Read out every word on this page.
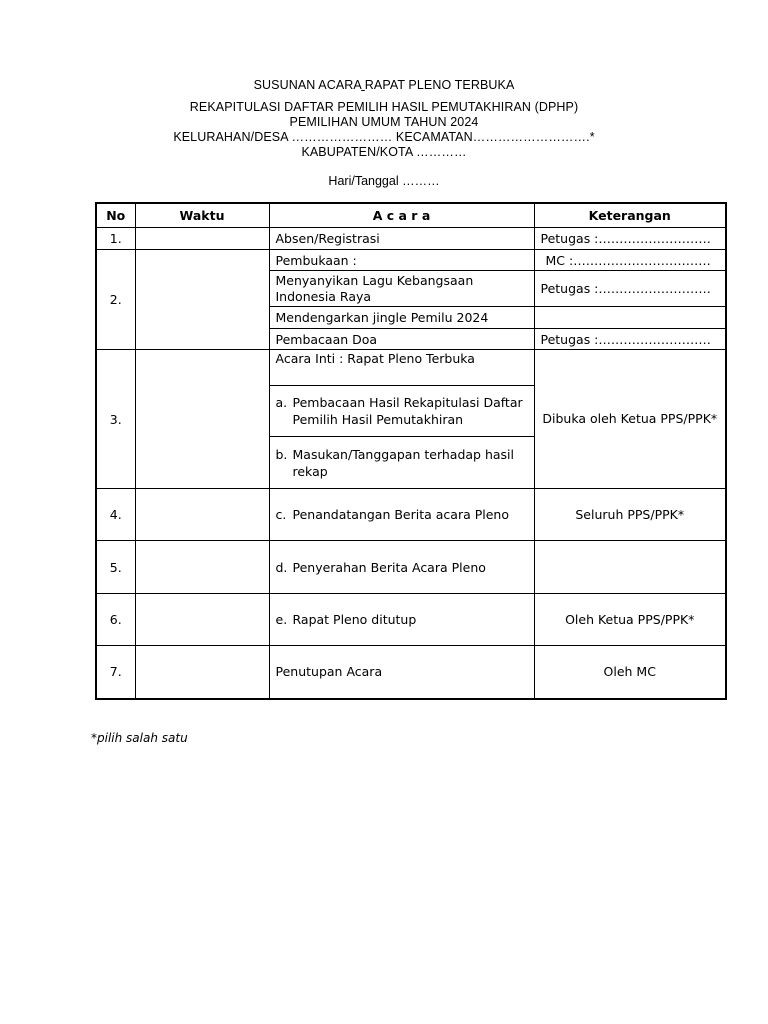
SUSUNAN ACARA RAPAT PLENO TERBUKA
REKAPITULASI DAFTAR PEMILIH HASIL PEMUTAKHIRAN (DPHP)
PEMILIHAN UMUM TAHUN 2024
KELURAHAN/DESA …………………… KECAMATAN……………………….*
KABUPATEN/KOTA …………
Hari/Tanggal ………
No	Waktu	A c a r a	Keterangan
1.		Absen/Registrasi	Petugas :………………………
2.		Pembukaan :	MC :……………………………
		Menyanyikan Lagu Kebangsaan Indonesia Raya	Petugas :………………………
		Mendengarkan jingle Pemilu 2024	
		Pembacaan Doa	Petugas :………………………
3.		Acara Inti : Rapat Pleno Terbuka	Dibuka oleh Ketua PPS/PPK*

		a. Pembacaan Hasil Rekapitulasi Daftar Pemilih Hasil Pemutakhiran	

		b. Masukan/Tanggapan terhadap hasil rekap	

4.		c. Penandatangan Berita acara Pleno	Seluruh PPS/PPK*
5.		d. Penyerahan Berita Acara Pleno	

6.		e. Rapat Pleno ditutup	Oleh Ketua PPS/PPK*
7.		Penutupan Acara	Oleh MC
*pilih salah satu
